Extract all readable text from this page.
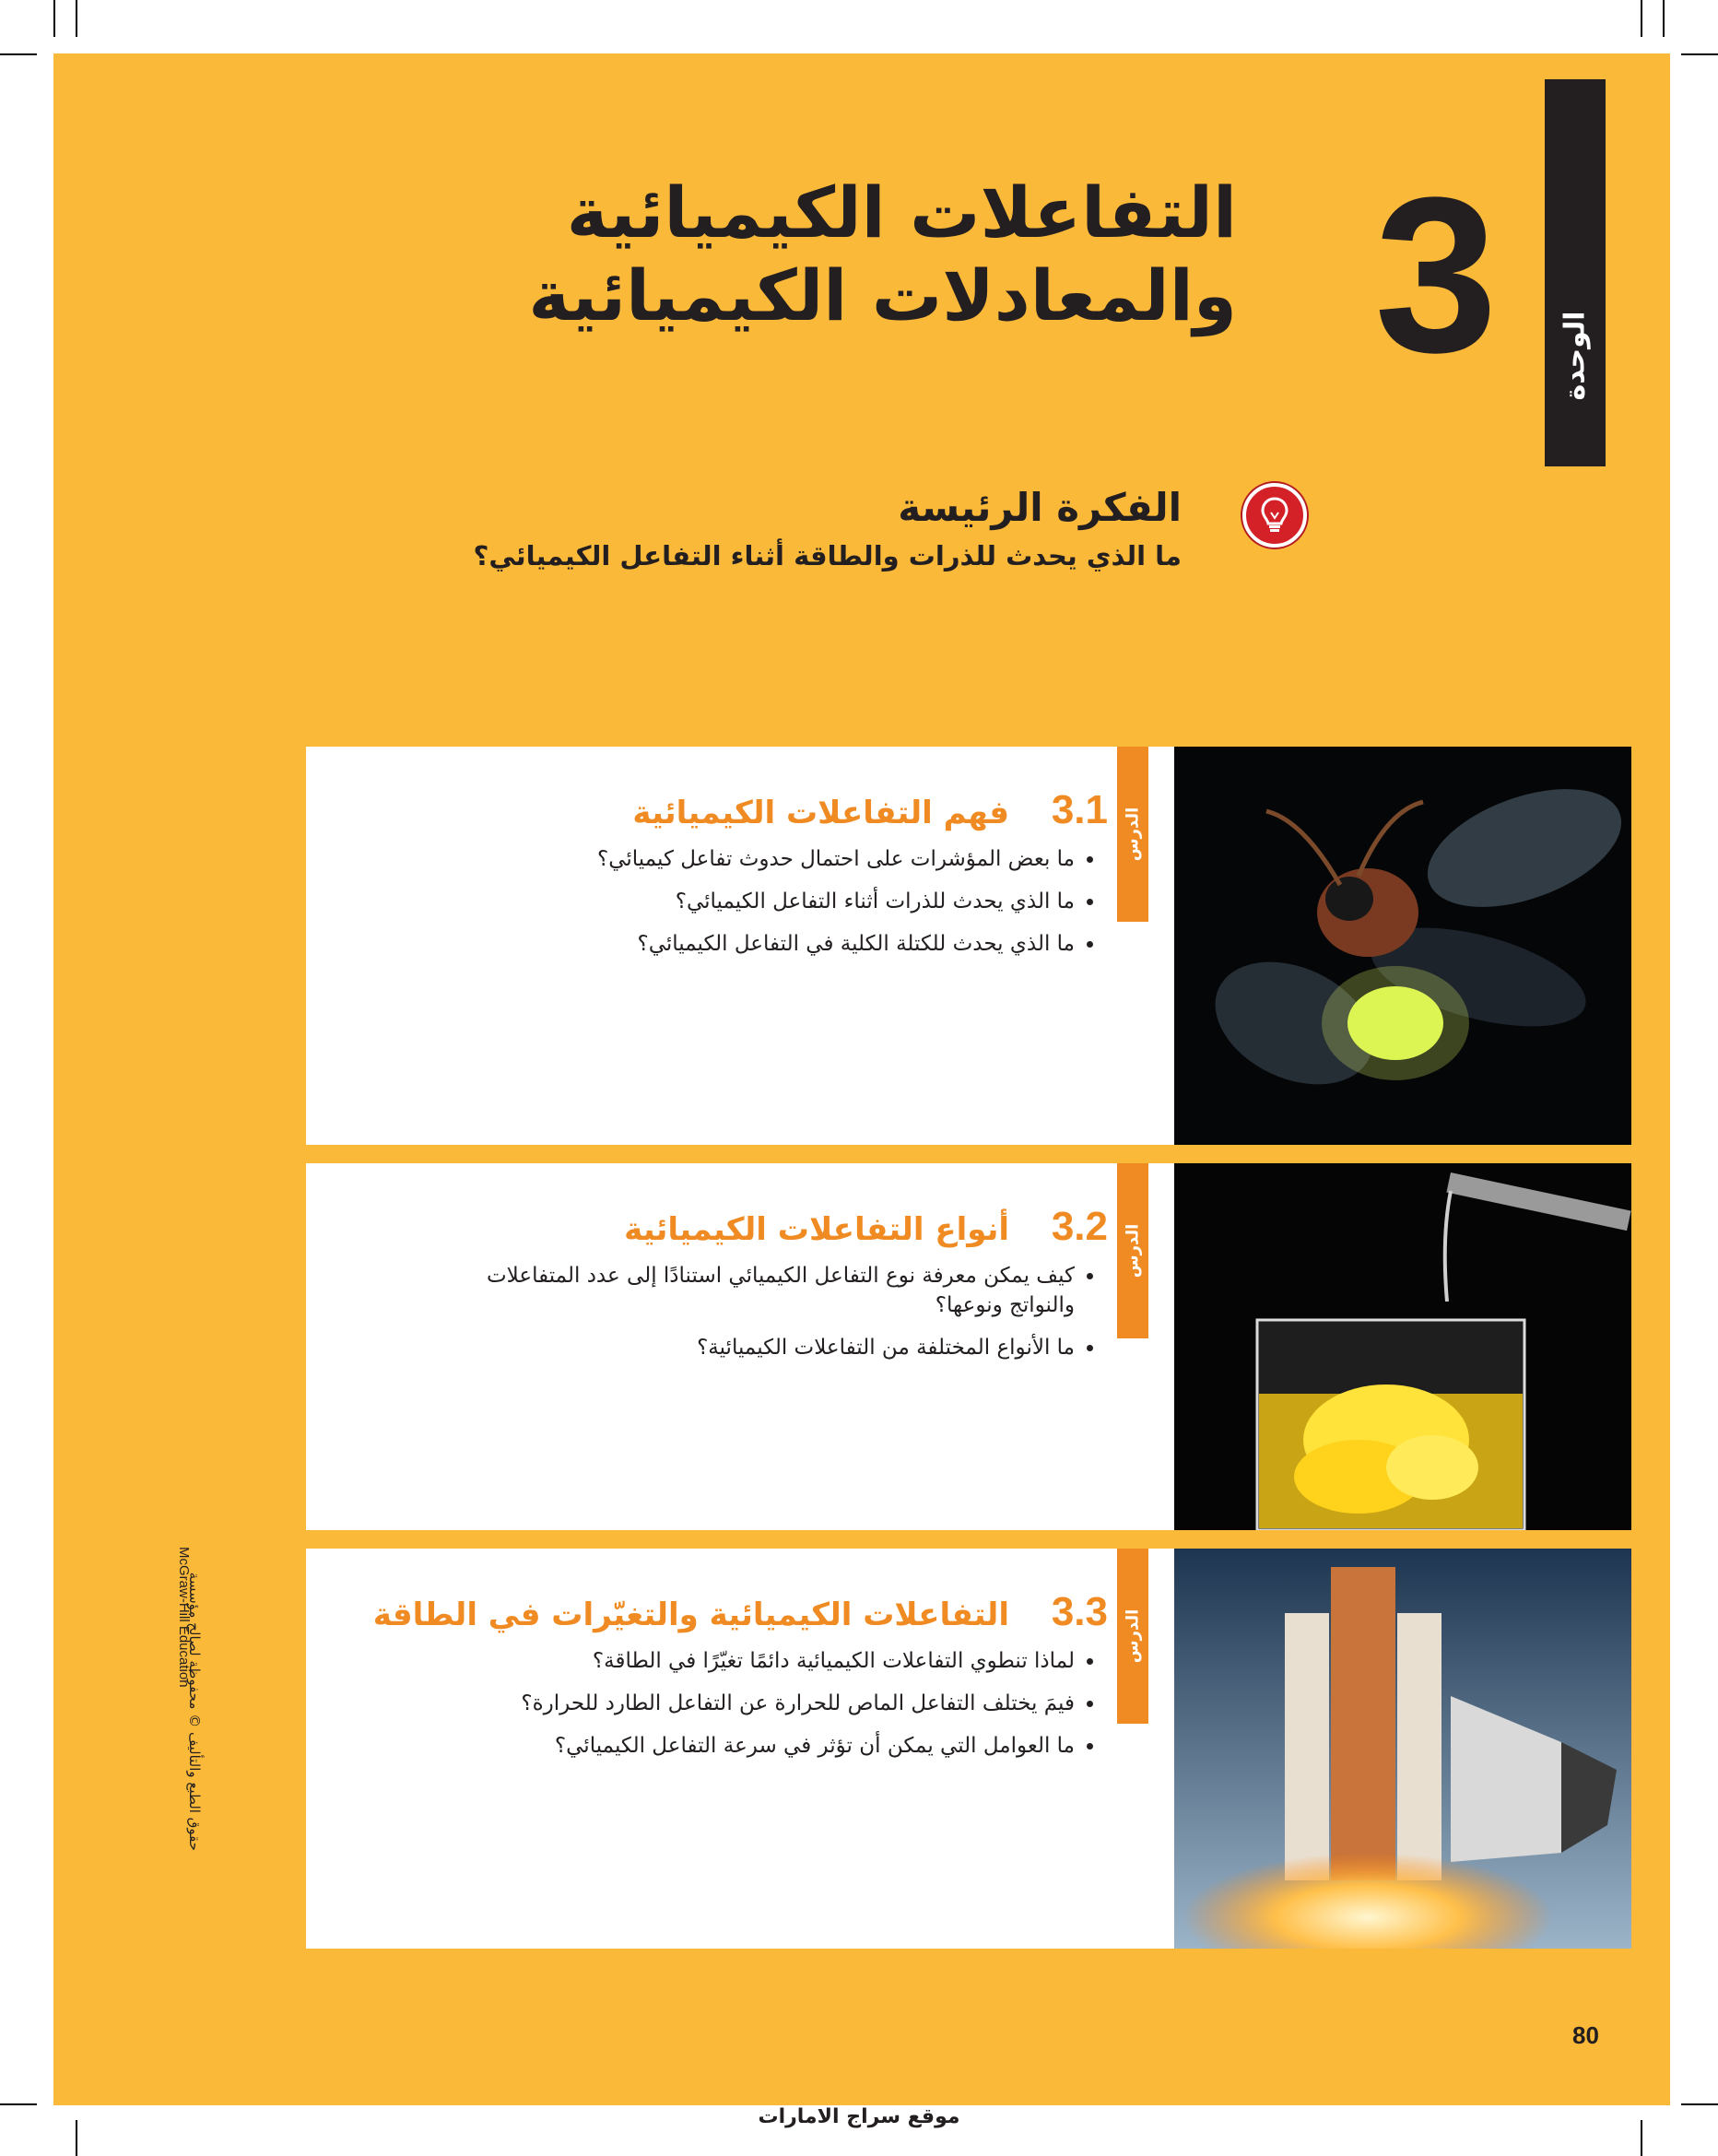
الوحدة
3
التفاعلات الكيميائية
والمعادلات الكيميائية
الفكرة الرئيسة
ما الذي يحدث للذرات والطاقة أثناء التفاعل الكيميائي؟
الدرس
3.1 فهم التفاعلات الكيميائية
• ما بعض المؤشرات على احتمال حدوث تفاعل كيميائي؟
• ما الذي يحدث للذرات أثناء التفاعل الكيميائي؟
• ما الذي يحدث للكتلة الكلية في التفاعل الكيميائي؟
الدرس
3.2 أنواع التفاعلات الكيميائية
• كيف يمكن معرفة نوع التفاعل الكيميائي استنادًا إلى عدد المتفاعلات والنواتج ونوعها؟
• ما الأنواع المختلفة من التفاعلات الكيميائية؟
الدرس
3.3 التفاعلات الكيميائية والتغيّرات في الطاقة
• لماذا تنطوي التفاعلات الكيميائية دائمًا تغيّرًا في الطاقة؟
• فيمَ يختلف التفاعل الماص للحرارة عن التفاعل الطارد للحرارة؟
• ما العوامل التي يمكن أن تؤثر في سرعة التفاعل الكيميائي؟
McGraw-Hill Education
حقوق الطبع والتأليف © محفوظة لصالح مؤسسة
80
موقع سراج الامارات
